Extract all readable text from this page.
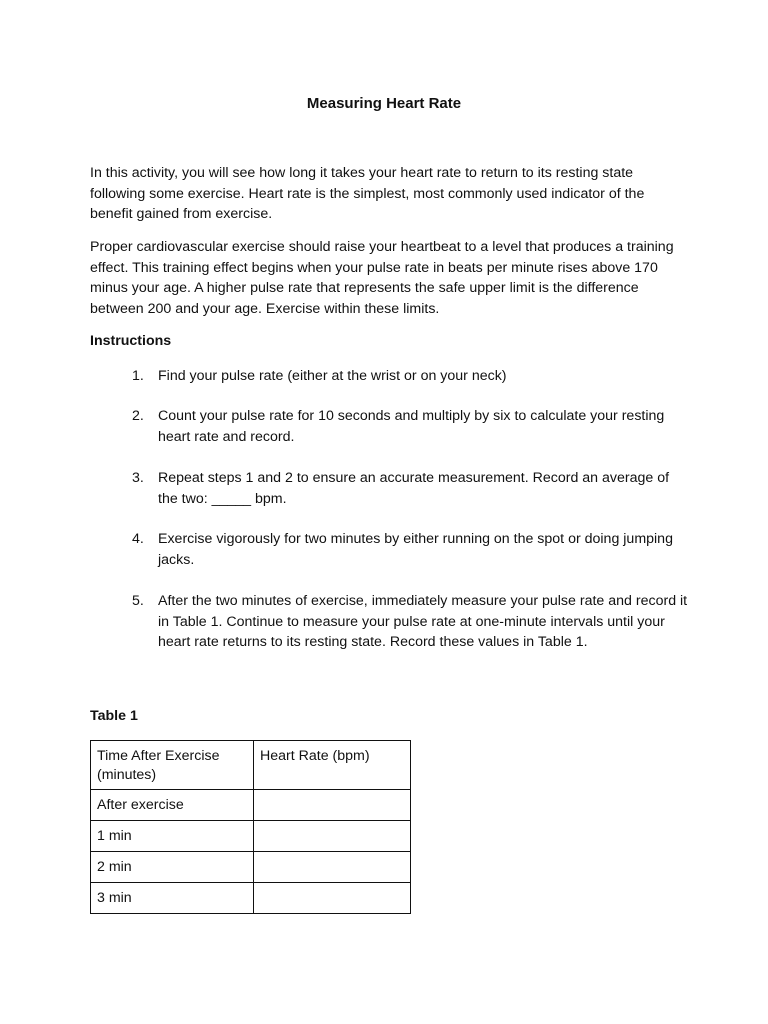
Measuring Heart Rate

In this activity, you will see how long it takes your heart rate to return to its resting state following some exercise. Heart rate is the simplest, most commonly used indicator of the benefit gained from exercise.

Proper cardiovascular exercise should raise your heartbeat to a level that produces a training effect. This training effect begins when your pulse rate in beats per minute rises above 170 minus your age. A higher pulse rate that represents the safe upper limit is the difference between 200 and your age. Exercise within these limits.

Instructions
1. Find your pulse rate (either at the wrist or on your neck)
2. Count your pulse rate for 10 seconds and multiply by six to calculate your resting heart rate and record.
3. Repeat steps 1 and 2 to ensure an accurate measurement. Record an average of the two: _____ bpm.
4. Exercise vigorously for two minutes by either running on the spot or doing jumping jacks.
5. After the two minutes of exercise, immediately measure your pulse rate and record it in Table 1. Continue to measure your pulse rate at one-minute intervals until your heart rate returns to its resting state. Record these values in Table 1.
Table 1
Time After Exercise (minutes)	Heart Rate (bpm)
After exercise	
1 min	
2 min	
3 min	
